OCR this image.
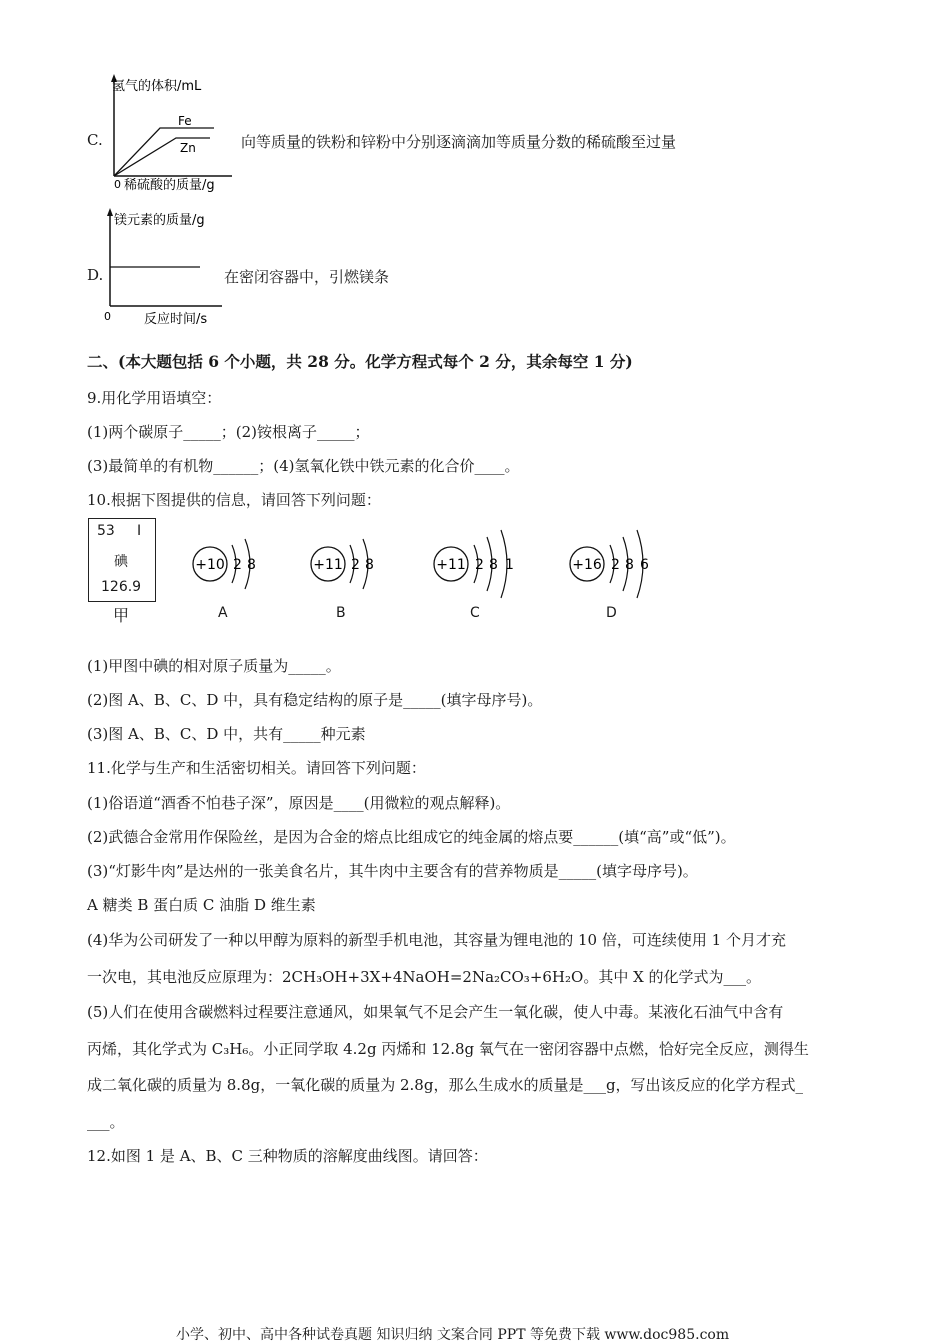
C.
氢气的体积/mL
Fe
Zn
0 稀硫酸的质量/g
向等质量的铁粉和锌粉中分别逐滴滴加等质量分数的稀硫酸至过量
D.
镁元素的质量/g
0	反应时间/s
在密闭容器中，引燃镁条
二、(本大题包括 6 个小题，共 28 分。化学方程式每个 2 分，其余每空 1 分)
9.用化学用语填空：
(1)两个碳原子_____；(2)铵根离子_____；
(3)最简单的有机物______；(4)氢氧化铁中铁元素的化合价____。
10.根据下图提供的信息，请回答下列问题：
53 I
碘
126.9
甲
+10 2 8
A
+11 2 8
B
+11 2 8 1
C
+16 2 8 6
D
(1)甲图中碘的相对原子质量为_____。
(2)图 A、B、C、D 中，具有稳定结构的原子是_____(填字母序号)。
(3)图 A、B、C、D 中，共有_____种元素
11.化学与生产和生活密切相关。请回答下列问题：
(1)俗语道“酒香不怕巷子深”，原因是____(用微粒的观点解释)。
(2)武德合金常用作保险丝，是因为合金的熔点比组成它的纯金属的熔点要______(填“高”或“低”)。
(3)“灯影牛肉”是达州的一张美食名片，其牛肉中主要含有的营养物质是_____(填字母序号)。
A 糖类 B 蛋白质 C 油脂 D 维生素
(4)华为公司研发了一种以甲醇为原料的新型手机电池，其容量为锂电池的 10 倍，可连续使用 1 个月才充
一次电，其电池反应原理为：2CH₃OH+3X+4NaOH=2Na₂CO₃+6H₂O。其中 X 的化学式为___。
(5)人们在使用含碳燃料过程要注意通风，如果氧气不足会产生一氧化碳，使人中毒。某液化石油气中含有
丙烯，其化学式为 C₃H₆。小正同学取 4.2g 丙烯和 12.8g 氧气在一密闭容器中点燃，恰好完全反应，测得生
成二氧化碳的质量为 8.8g，一氧化碳的质量为 2.8g，那么生成水的质量是___g，写出该反应的化学方程式_
___。
12.如图 1 是 A、B、C 三种物质的溶解度曲线图。请回答：
小学、初中、高中各种试卷真题 知识归纳 文案合同 PPT 等免费下载 www.doc985.com
